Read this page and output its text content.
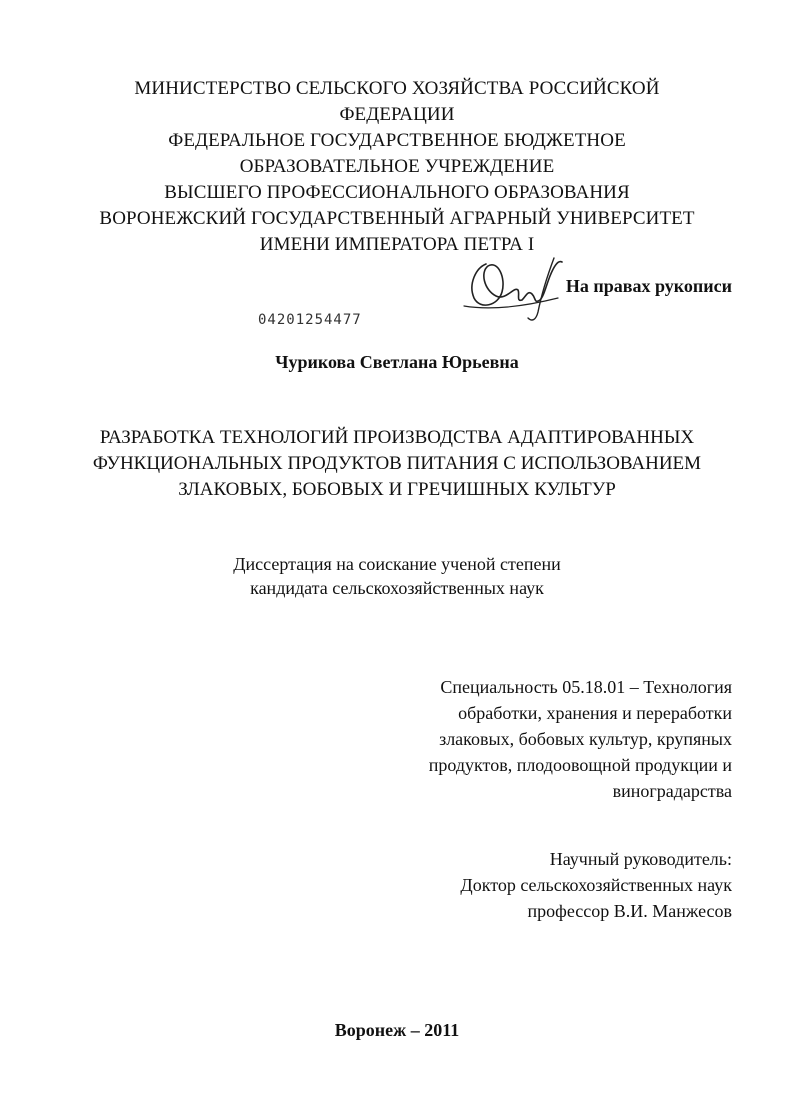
МИНИСТЕРСТВО СЕЛЬСКОГО ХОЗЯЙСТВА РОССИЙСКОЙ
ФЕДЕРАЦИИ
ФЕДЕРАЛЬНОЕ ГОСУДАРСТВЕННОЕ БЮДЖЕТНОЕ
ОБРАЗОВАТЕЛЬНОЕ УЧРЕЖДЕНИЕ
ВЫСШЕГО ПРОФЕССИОНАЛЬНОГО ОБРАЗОВАНИЯ
ВОРОНЕЖСКИЙ ГОСУДАРСТВЕННЫЙ АГРАРНЫЙ УНИВЕРСИТЕТ
ИМЕНИ ИМПЕРАТОРА ПЕТРА I
На правах рукописи
04201254477
Чурикова Светлана Юрьевна
РАЗРАБОТКА ТЕХНОЛОГИЙ ПРОИЗВОДСТВА АДАПТИРОВАННЫХ
ФУНКЦИОНАЛЬНЫХ ПРОДУКТОВ ПИТАНИЯ С ИСПОЛЬЗОВАНИЕМ
ЗЛАКОВЫХ, БОБОВЫХ И ГРЕЧИШНЫХ КУЛЬТУР
Диссертация на соискание ученой степени
кандидата сельскохозяйственных наук
Специальность 05.18.01 – Технология
обработки, хранения и переработки
злаковых, бобовых культур, крупяных
продуктов, плодоовощной продукции и
виноградарства
Научный руководитель:
Доктор сельскохозяйственных наук
профессор В.И. Манжесов
Воронеж – 2011
